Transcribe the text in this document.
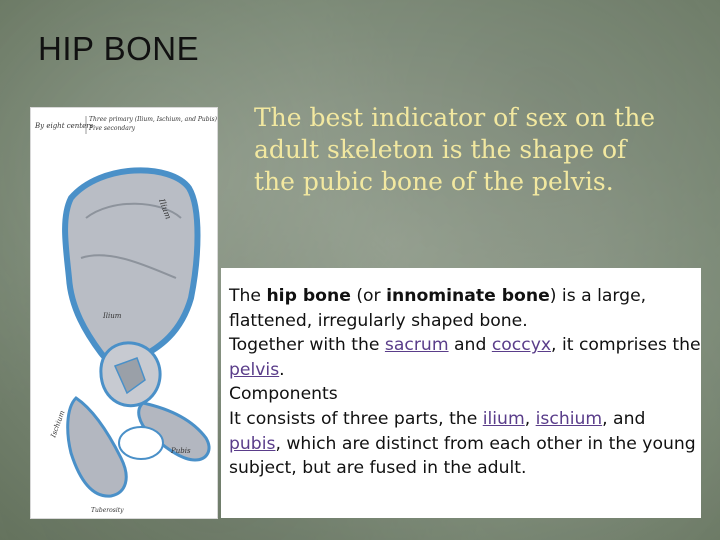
HIP BONE
By eight centers
Three primary (Ilium, Ischium, and Pubis)
Five secondary
Ilium
Ilium
Ischium
Pubis
Tuberosity
The best indicator of sex on the adult skeleton is the shape of the pubic bone of the pelvis.

The hip bone (or innominate bone) is a large, flattened, irregularly shaped bone.

Together with the sacrum and coccyx, it comprises the pelvis.

Components

It consists of three parts, the ilium, ischium, and pubis, which are distinct from each other in the young subject, but are fused in the adult.
